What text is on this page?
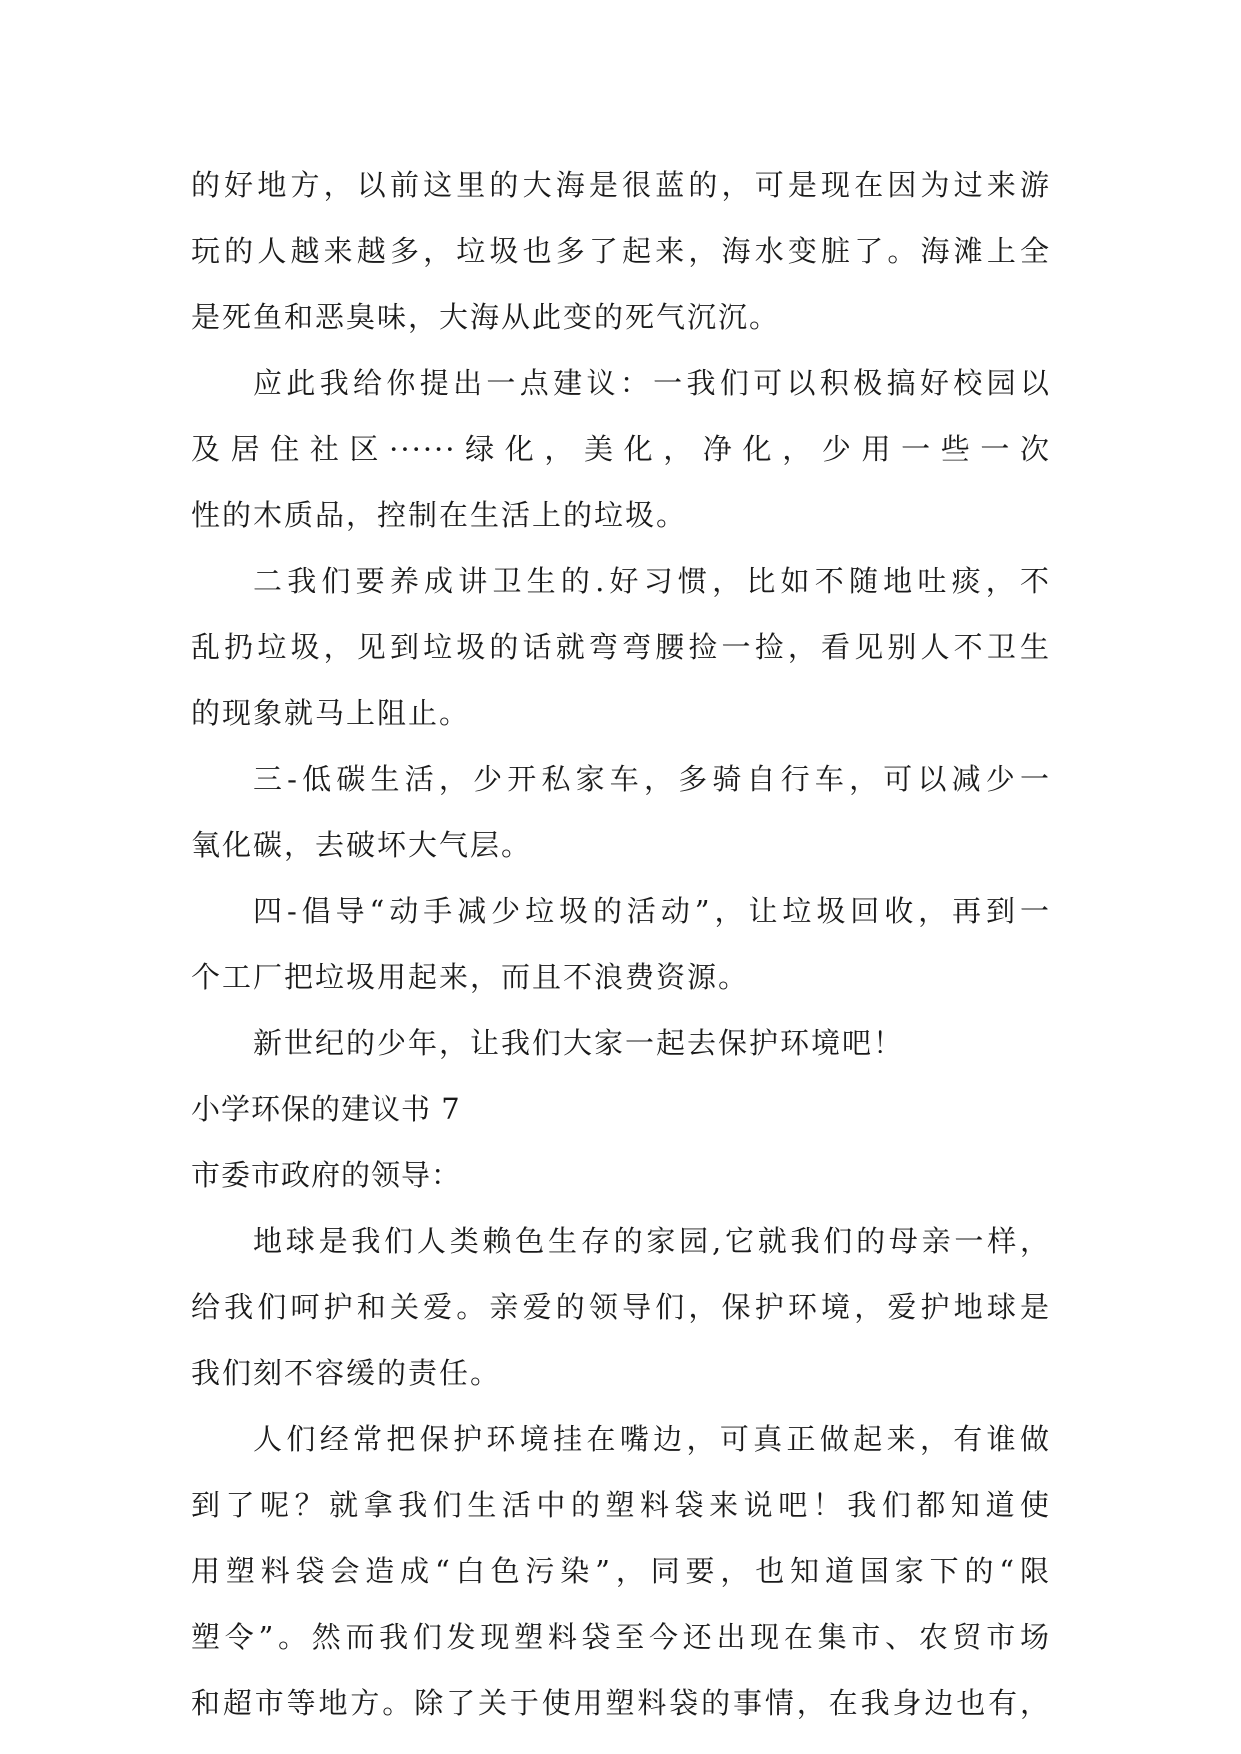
的好地方，以前这里的大海是很蓝的，可是现在因为过来游
玩的人越来越多，垃圾也多了起来，海水变脏了。海滩上全
是死鱼和恶臭味，大海从此变的死气沉沉。
应此我给你提出一点建议：一我们可以积极搞好校园以
及居住社区······绿化，美化，净化，少用一些一次
性的木质品，控制在生活上的垃圾。
二我们要养成讲卫生的.好习惯，比如不随地吐痰，不
乱扔垃圾，见到垃圾的话就弯弯腰捡一捡，看见别人不卫生
的现象就马上阻止。
三-低碳生活，少开私家车，多骑自行车，可以减少一
氧化碳，去破坏大气层。
四-倡导“动手减少垃圾的活动”，让垃圾回收，再到一
个工厂把垃圾用起来，而且不浪费资源。
新世纪的少年，让我们大家一起去保护环境吧！
小学环保的建议书 7
市委市政府的领导：
地球是我们人类赖色生存的家园,它就我们的母亲一样，
给我们呵护和关爱。亲爱的领导们，保护环境，爱护地球是
我们刻不容缓的责任。
人们经常把保护环境挂在嘴边，可真正做起来，有谁做
到了呢？就拿我们生活中的塑料袋来说吧！我们都知道使
用塑料袋会造成“白色污染”，同要，也知道国家下的“限
塑令”。然而我们发现塑料袋至今还出现在集市、农贸市场
和超市等地方。除了关于使用塑料袋的事情，在我身边也有，
